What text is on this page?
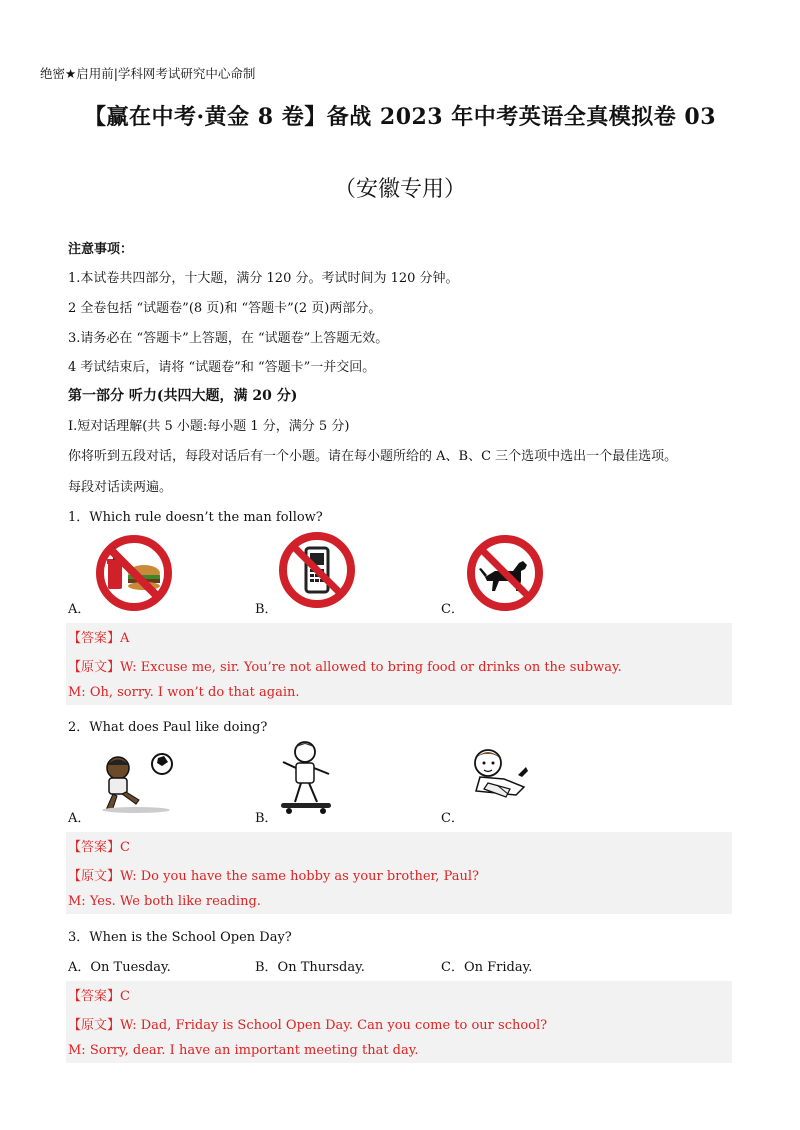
绝密★启用前|学科网考试研究中心命制
【赢在中考·黄金 8 卷】备战 2023 年中考英语全真模拟卷 03
（安徽专用）
注意事项：
1.本试卷共四部分，十大题，满分 120 分。考试时间为 120 分钟。
2 全卷包括 “试题卷”(8 页)和 “答题卡”(2 页)两部分。
3.请务必在 “答题卡”上答题，在 “试题卷”上答题无效。
4 考试结束后，请将 “试题卷”和 “答题卡”一并交回。
第一部分 听力(共四大题，满 20 分)
Ⅰ.短对话理解(共 5 小题:每小题 1 分，满分 5 分)
你将听到五段对话，每段对话后有一个小题。请在每小题所给的 A、B、C 三个选项中选出一个最佳选项。
每段对话读两遍。
1．Which rule doesn’t the man follow?
A．	B．	C．
【答案】A
【原文】W: Excuse me, sir. You’re not allowed to bring food or drinks on the subway.
M: Oh, sorry. I won’t do that again.
2．What does Paul like doing?
A．	B．	C．
【答案】C
【原文】W: Do you have the same hobby as your brother, Paul?
M: Yes. We both like reading.
3．When is the School Open Day?
A．On Tuesday.	B．On Thursday.	C．On Friday.
【答案】C
【原文】W: Dad, Friday is School Open Day. Can you come to our school?
M: Sorry, dear. I have an important meeting that day.
